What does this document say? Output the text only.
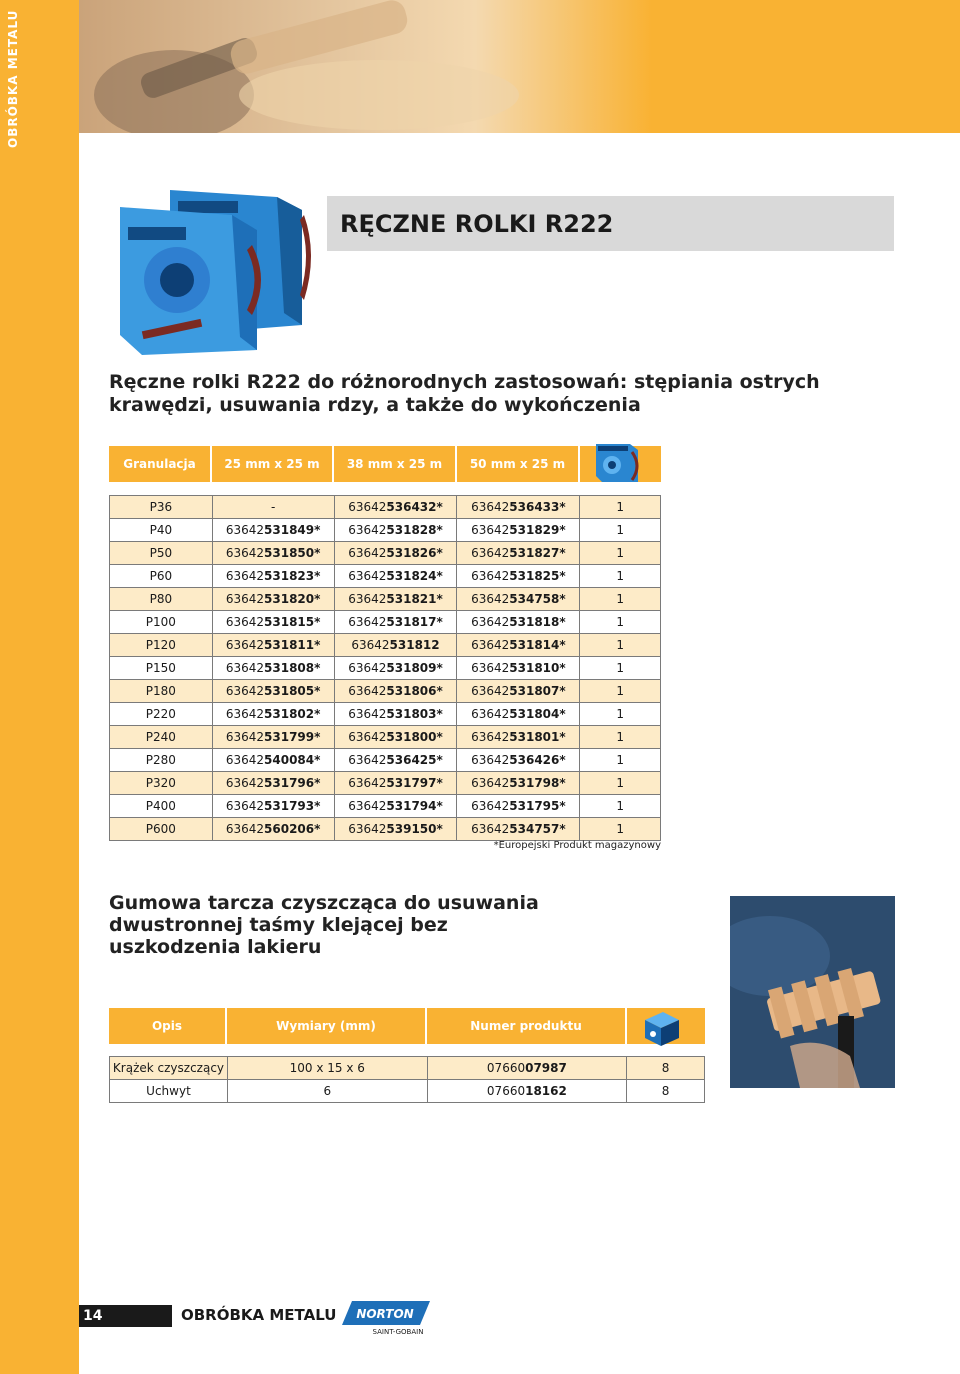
OBRÓBKA METALU
RĘCZNE ROLKI R222
Ręczne rolki R222 do różnorodnych zastosowań: stępiania ostrych krawędzi, usuwania rdzy, a także do wykończenia
Granulacja	25 mm x 25 m	38 mm x 25 m	50 mm x 25 m
P36	-	63642536432*	63642536433*	1
P40	63642531849*	63642531828*	63642531829*	1
P50	63642531850*	63642531826*	63642531827*	1
P60	63642531823*	63642531824*	63642531825*	1
P80	63642531820*	63642531821*	63642534758*	1
P100	63642531815*	63642531817*	63642531818*	1
P120	63642531811*	63642531812	63642531814*	1
P150	63642531808*	63642531809*	63642531810*	1
P180	63642531805*	63642531806*	63642531807*	1
P220	63642531802*	63642531803*	63642531804*	1
P240	63642531799*	63642531800*	63642531801*	1
P280	63642540084*	63642536425*	63642536426*	1
P320	63642531796*	63642531797*	63642531798*	1
P400	63642531793*	63642531794*	63642531795*	1
P600	63642560206*	63642539150*	63642534757*	1
*Europejski Produkt magazynowy
Gumowa tarcza czyszcząca do usuwania dwustronnej taśmy klejącej bez uszkodzenia lakieru
Opis	Wymiary (mm)	Numer produktu
Krążek czyszczący	100 x 15 x 6	0766007987	8
Uchwyt	6	0766018162	8
14	OBRÓBKA METALU NORTON
SAINT-GOBAIN
